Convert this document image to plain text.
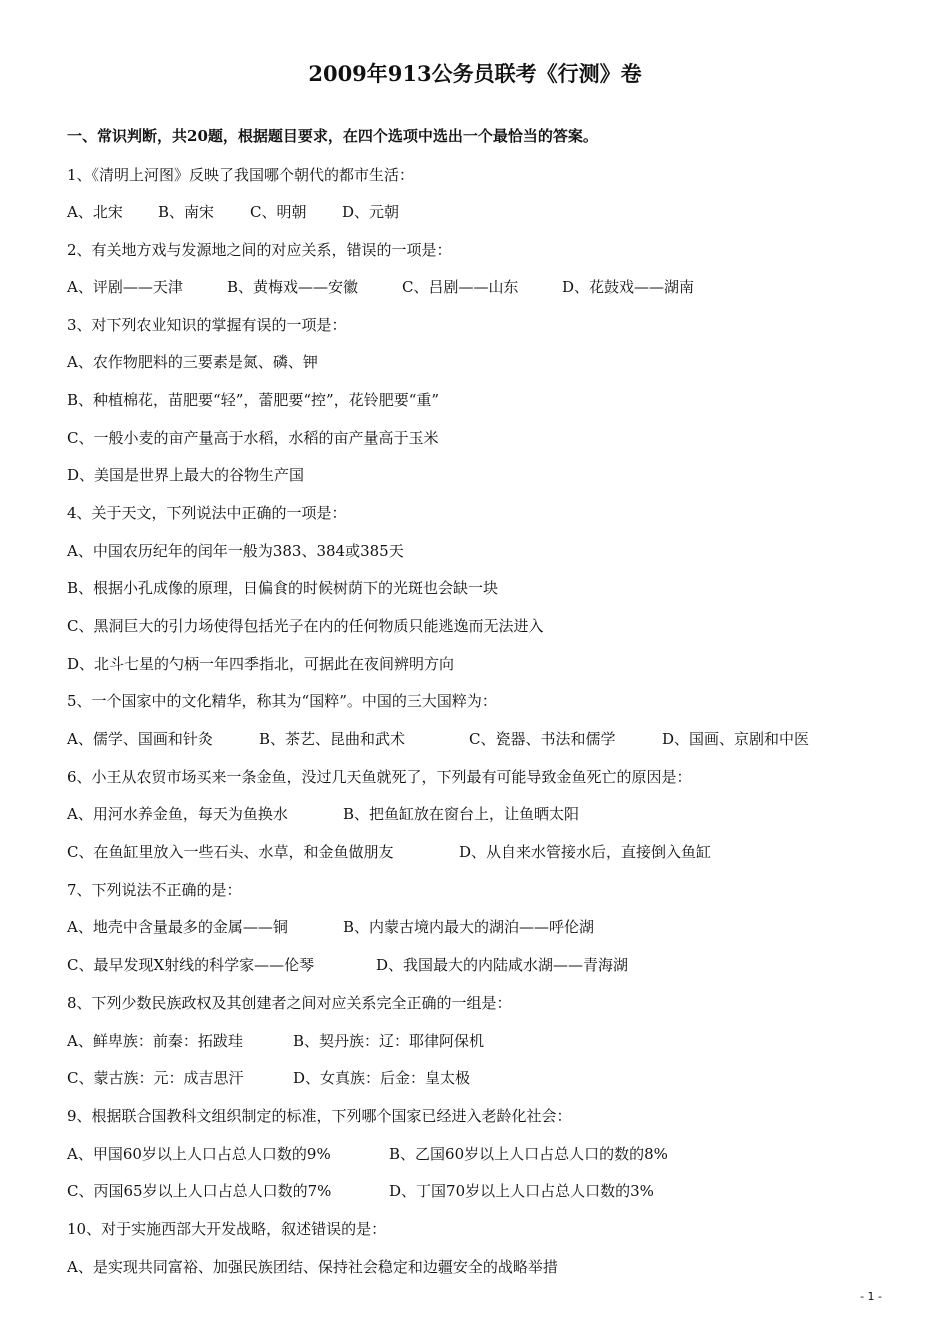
2009年913公务员联考《行测》卷
一、常识判断，共20题，根据题目要求，在四个选项中选出一个最恰当的答案。
1、《清明上河图》反映了我国哪个朝代的都市生活：

A、北宋

B、南宋

C、明朝

D、元朝

2、有关地方戏与发源地之间的对应关系，错误的一项是：

A、评剧——天津

	B、黄梅戏——安徽

	C、吕剧——山东

	D、花鼓戏——湖南

3、对下列农业知识的掌握有误的一项是：
A、农作物肥料的三要素是氮、磷、钾
B、种植棉花，苗肥要“轻”，蕾肥要“控”，花铃肥要“重”
C、一般小麦的亩产量高于水稻，水稻的亩产量高于玉米
D、美国是世界上最大的谷物生产国
4、关于天文，下列说法中正确的一项是：
A、中国农历纪年的闰年一般为383、384或385天
B、根据小孔成像的原理，日偏食的时候树荫下的光斑也会缺一块
C、黑洞巨大的引力场使得包括光子在内的任何物质只能逃逸而无法进入
D、北斗七星的勺柄一年四季指北，可据此在夜间辨明方向
5、一个国家中的文化精华，称其为“国粹”。中国的三大国粹为：

A、儒学、国画和针灸

	B、茶艺、昆曲和武术

	C、瓷器、书法和儒学

	D、国画、京剧和中医

6、小王从农贸市场买来一条金鱼，没过几天鱼就死了，下列最有可能导致金鱼死亡的原因是：

A、用河水养金鱼，每天为鱼换水

	B、把鱼缸放在窗台上，让鱼晒太阳

C、在鱼缸里放入一些石头、水草，和金鱼做朋友

	D、从自来水管接水后，直接倒入鱼缸

7、下列说法不正确的是：

A、地壳中含量最多的金属——铜

	B、内蒙古境内最大的湖泊——呼伦湖

C、最早发现X射线的科学家——伦琴

	D、我国最大的内陆咸水湖——青海湖

8、下列少数民族政权及其创建者之间对应关系完全正确的一组是：

A、鲜卑族：前秦：拓跋珪

	B、契丹族：辽：耶律阿保机

C、蒙古族：元：成吉思汗

	D、女真族：后金：皇太极

9、根据联合国教科文组织制定的标准，下列哪个国家已经进入老龄化社会：

A、甲国60岁以上人口占总人口数的9%

	B、乙国60岁以上人口占总人口的数的8%

C、丙国65岁以上人口占总人口数的7%

	D、丁国70岁以上人口占总人口数的3%

10、对于实施西部大开发战略，叙述错误的是：
A、是实现共同富裕、加强民族团结、保持社会稳定和边疆安全的战略举措
- 1 -
